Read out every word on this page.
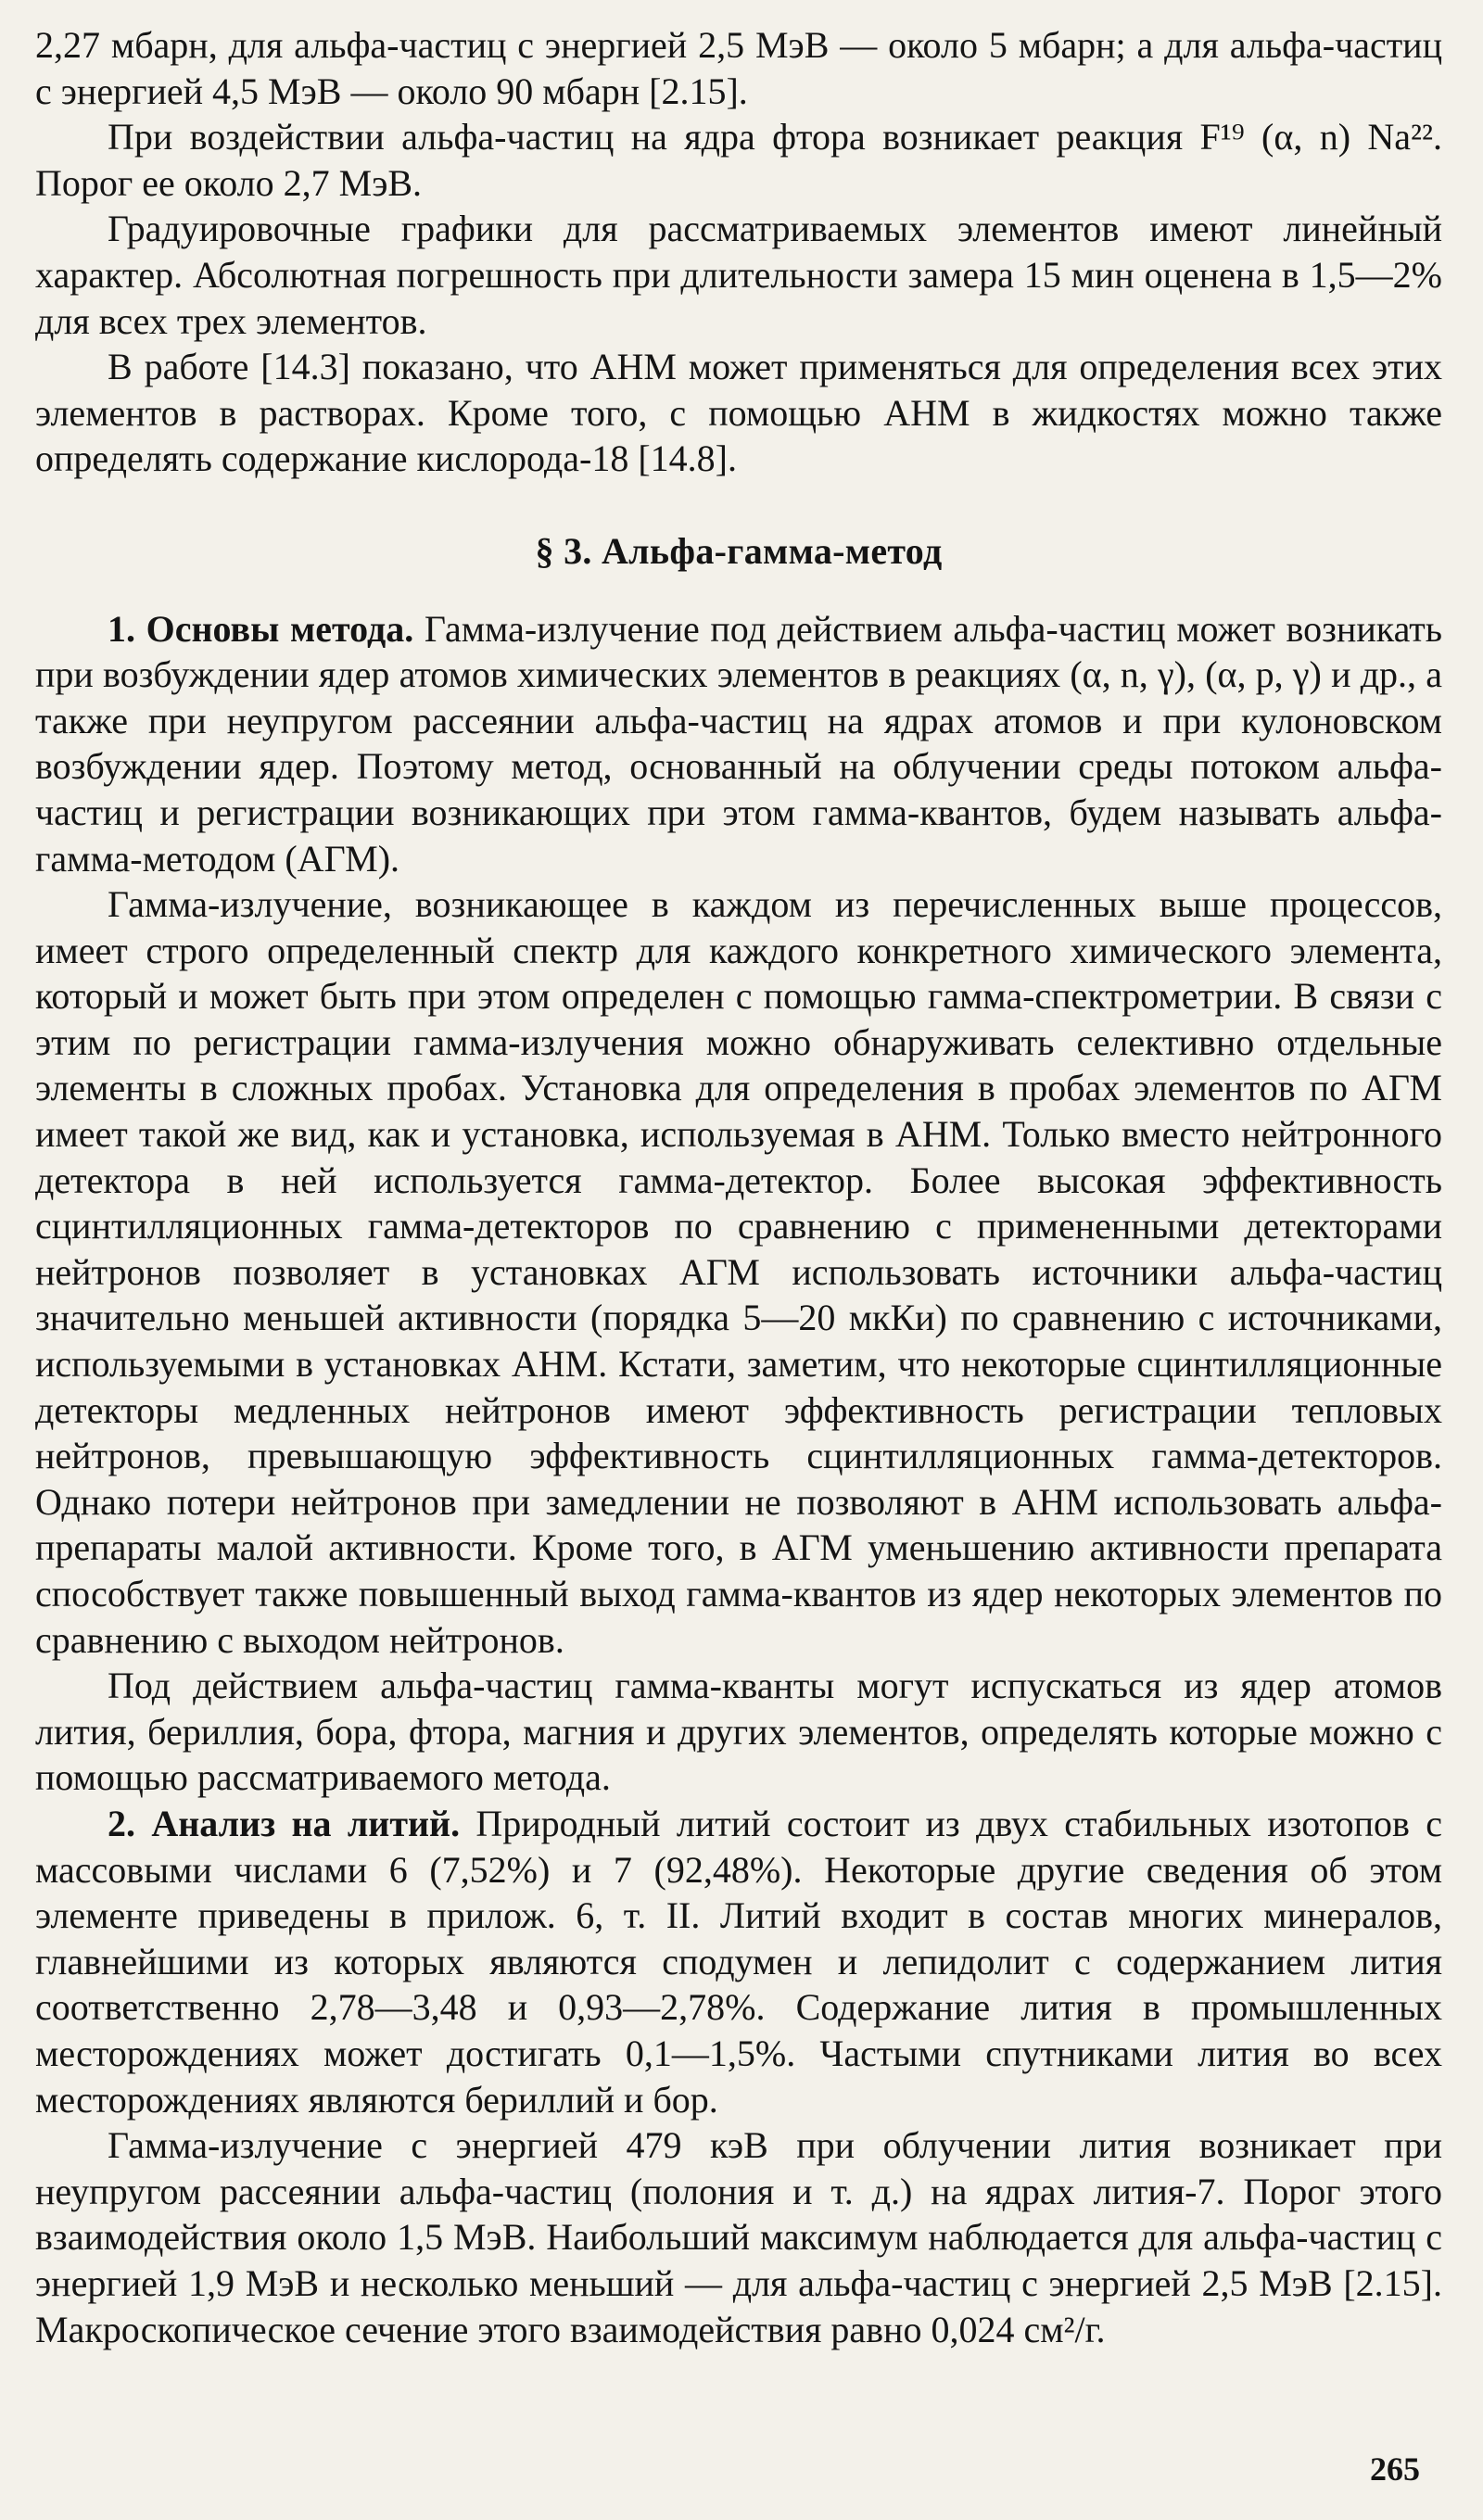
2,27 мбарн, для альфа-частиц с энергией 2,5 МэВ — около 5 мбарн; а для альфа-частиц с энергией 4,5 МэВ — около 90 мбарн [2.15].

При воздействии альфа-частиц на ядра фтора возникает реакция F¹⁹ (α, n) Na²². Порог ее около 2,7 МэВ.

Градуировочные графики для рассматриваемых элементов имеют линейный характер. Абсолютная погрешность при длительности замера 15 мин оценена в 1,5—2% для всех трех элементов.

В работе [14.3] показано, что АНМ может применяться для определения всех этих элементов в растворах. Кроме того, с помощью АНМ в жидкостях можно также определять содержание кислорода-18 [14.8].

§ 3. Альфа-гамма-метод

1. Основы метода. Гамма-излучение под действием альфа-частиц может возникать при возбуждении ядер атомов химических элементов в реакциях (α, n, γ), (α, p, γ) и др., а также при неупругом рассеянии альфа-частиц на ядрах атомов и при кулоновском возбуждении ядер. Поэтому метод, основанный на облучении среды потоком альфа-частиц и регистрации возникающих при этом гамма-квантов, будем называть альфа-гамма-методом (АГМ).

Гамма-излучение, возникающее в каждом из перечисленных выше процессов, имеет строго определенный спектр для каждого конкретного химического элемента, который и может быть при этом определен с помощью гамма-спектрометрии. В связи с этим по регистрации гамма-излучения можно обнаруживать селективно отдельные элементы в сложных пробах. Установка для определения в пробах элементов по АГМ имеет такой же вид, как и установка, используемая в АНМ. Только вместо нейтронного детектора в ней используется гамма-детектор. Более высокая эффективность сцинтилляционных гамма-детекторов по сравнению с примененными детекторами нейтронов позволяет в установках АГМ использовать источники альфа-частиц значительно меньшей активности (порядка 5—20 мкКи) по сравнению с источниками, используемыми в установках АНМ. Кстати, заметим, что некоторые сцинтилляционные детекторы медленных нейтронов имеют эффективность регистрации тепловых нейтронов, превышающую эффективность сцинтилляционных гамма-детекторов. Однако потери нейтронов при замедлении не позволяют в АНМ использовать альфа-препараты малой активности. Кроме того, в АГМ уменьшению активности препарата способствует также повышенный выход гамма-квантов из ядер некоторых элементов по сравнению с выходом нейтронов.

Под действием альфа-частиц гамма-кванты могут испускаться из ядер атомов лития, бериллия, бора, фтора, магния и других элементов, определять которые можно с помощью рассматриваемого метода.

2. Анализ на литий. Природный литий состоит из двух стабильных изотопов с массовыми числами 6 (7,52%) и 7 (92,48%). Некоторые другие сведения об этом элементе приведены в прилож. 6, т. II. Литий входит в состав многих минералов, главнейшими из которых являются сподумен и лепидолит с содержанием лития соответственно 2,78—3,48 и 0,93—2,78%. Содержание лития в промышленных месторождениях может достигать 0,1—1,5%. Частыми спутниками лития во всех месторождениях являются бериллий и бор.

Гамма-излучение с энергией 479 кэВ при облучении лития возникает при неупругом рассеянии альфа-частиц (полония и т. д.) на ядрах лития-7. Порог этого взаимодействия около 1,5 МэВ. Наибольший максимум наблюдается для альфа-частиц с энергией 1,9 МэВ и несколько меньший — для альфа-частиц с энергией 2,5 МэВ [2.15]. Макроскопическое сечение этого взаимодействия равно 0,024 см²/г.

265
